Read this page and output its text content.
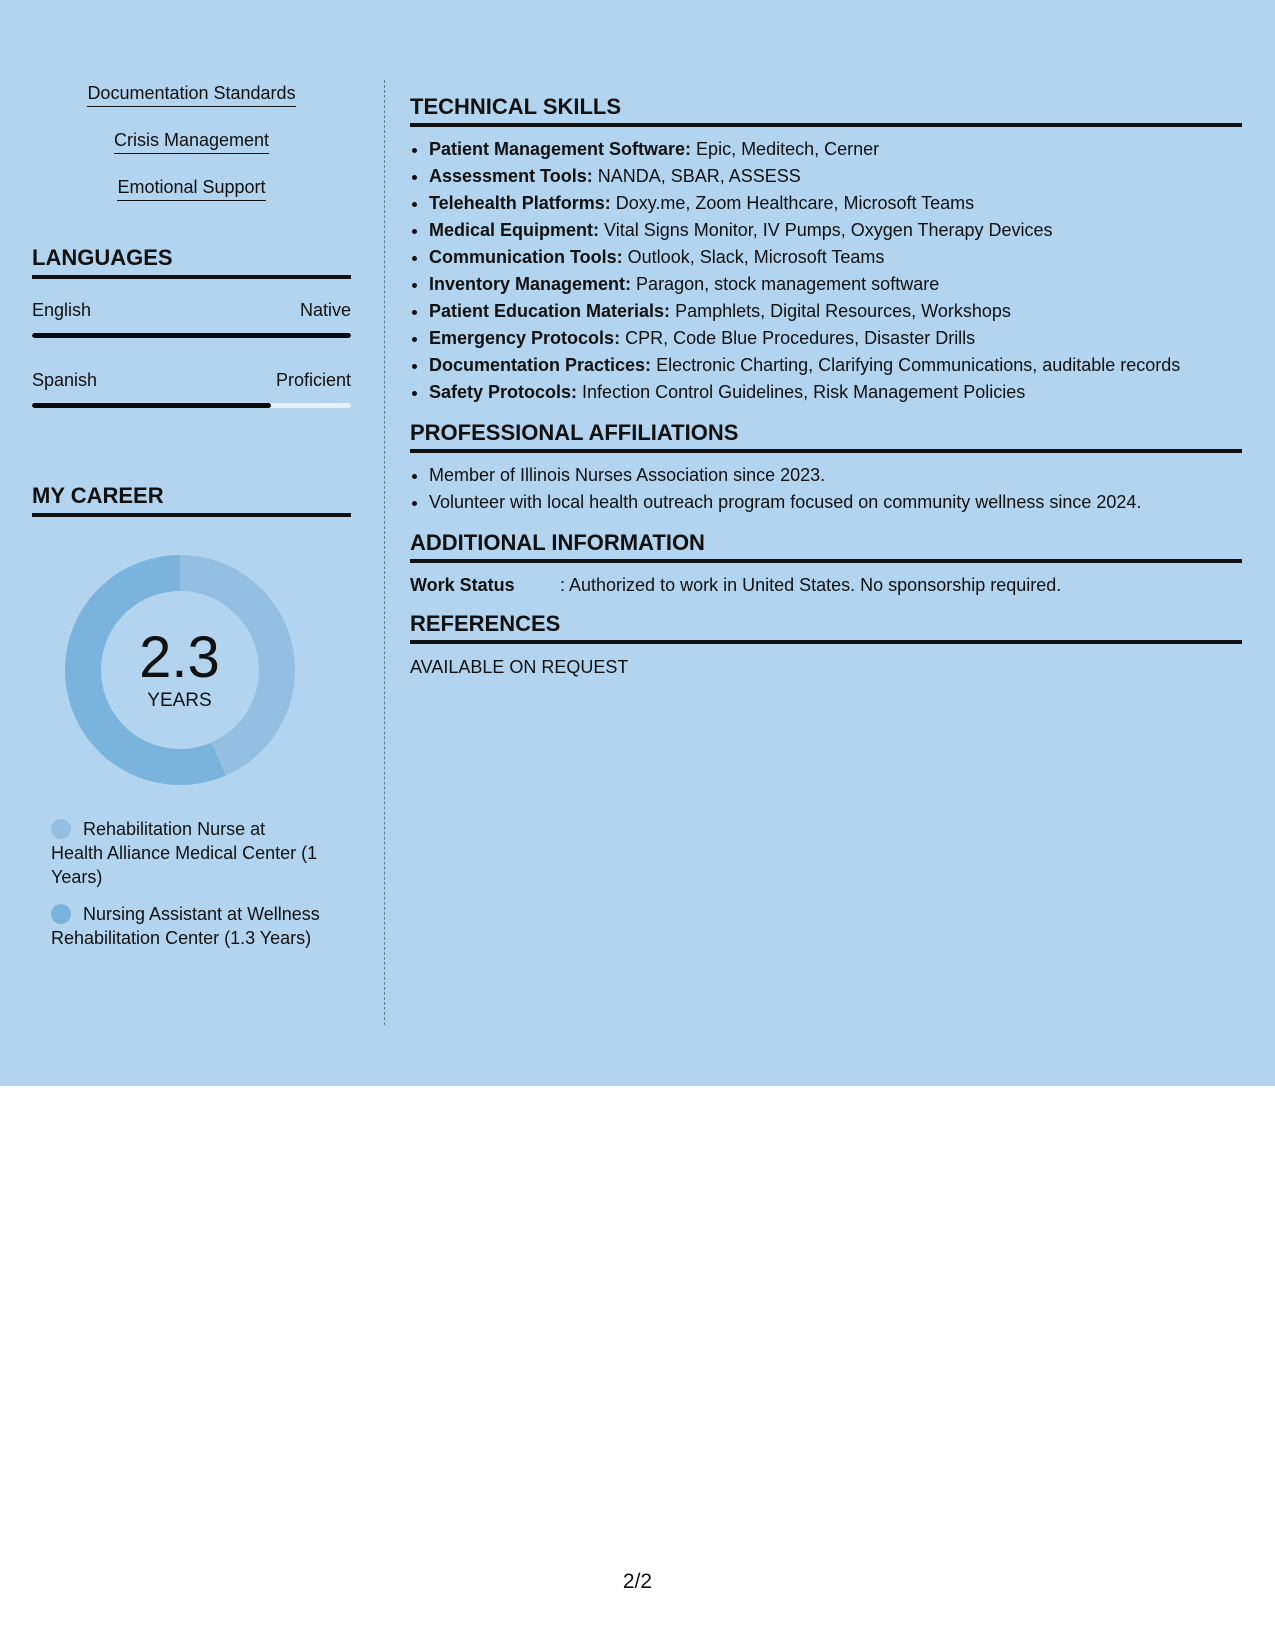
Documentation Standards
Crisis Management
Emotional Support
LANGUAGES
English	Native
Spanish	Proficient
MY CAREER
2.3
YEARS
Rehabilitation Nurse at Health Alliance Medical Center (1 Years)
Nursing Assistant at Wellness Rehabilitation Center (1.3 Years)
TECHNICAL SKILLS
• Patient Management Software: Epic, Meditech, Cerner
• Assessment Tools: NANDA, SBAR, ASSESS
• Telehealth Platforms: Doxy.me, Zoom Healthcare, Microsoft Teams
• Medical Equipment: Vital Signs Monitor, IV Pumps, Oxygen Therapy Devices
• Communication Tools: Outlook, Slack, Microsoft Teams
• Inventory Management: Paragon, stock management software
• Patient Education Materials: Pamphlets, Digital Resources, Workshops
• Emergency Protocols: CPR, Code Blue Procedures, Disaster Drills
• Documentation Practices: Electronic Charting, Clarifying Communications, auditable records
• Safety Protocols: Infection Control Guidelines, Risk Management Policies
PROFESSIONAL AFFILIATIONS
• Member of Illinois Nurses Association since 2023.
• Volunteer with local health outreach program focused on community wellness since 2024.
ADDITIONAL INFORMATION
Work Status	: Authorized to work in United States. No sponsorship required.
REFERENCES
AVAILABLE ON REQUEST
2/2
